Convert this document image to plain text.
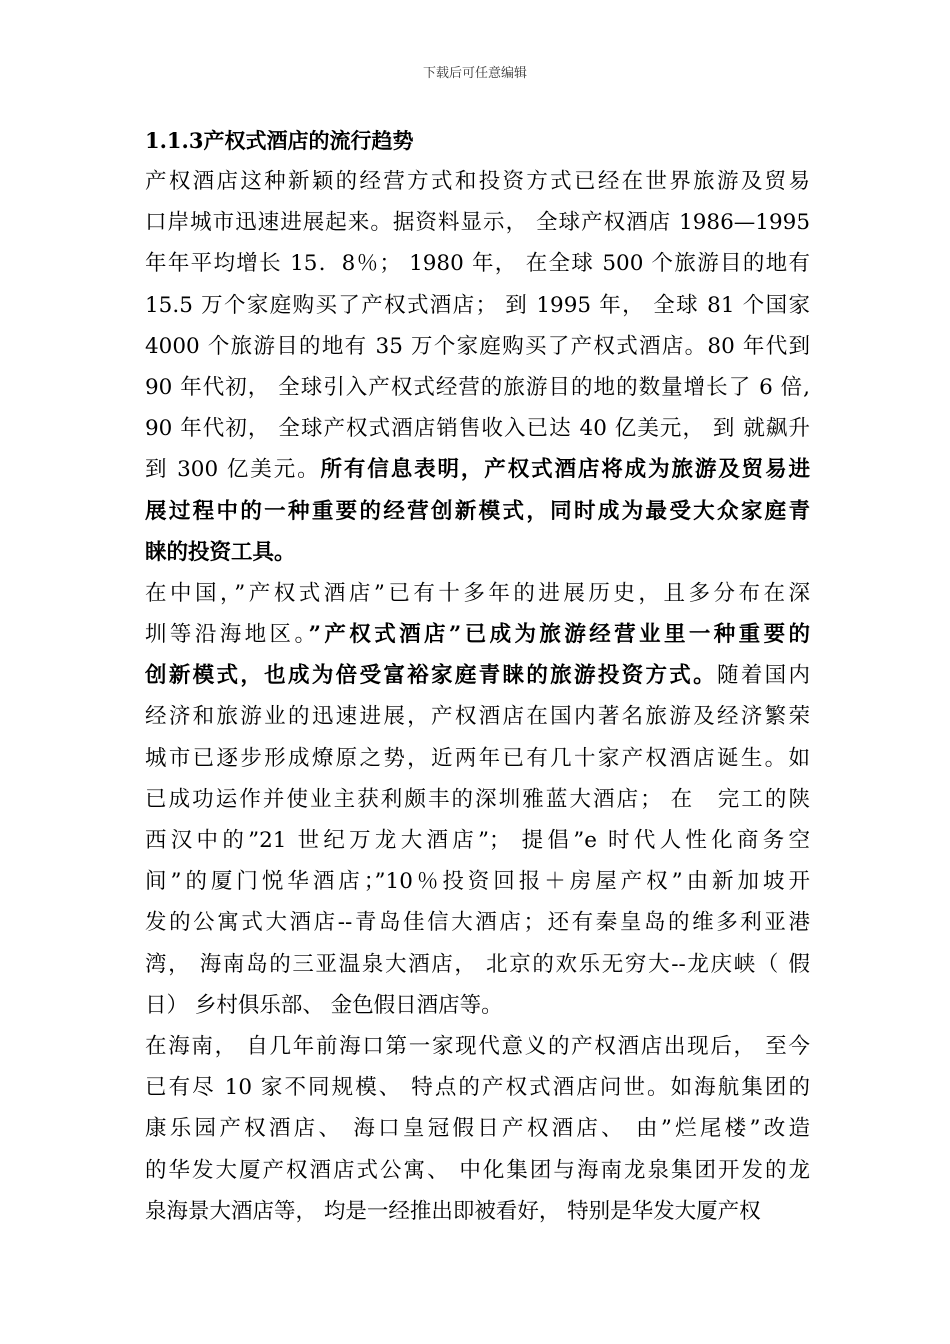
下载后可任意编辑
1.1.3产权式酒店的流行趋势

产权酒店这种新颖的经营方式和投资方式已经在世界旅游及贸易
口岸城市迅速进展起来。据资料显示， 全球产权酒店 1986—1995
年年平均增长 15．8％； 1980 年， 在全球 500 个旅游目的地有
15.5 万个家庭购买了产权式酒店； 到 1995 年， 全球 81 个国家
4000 个旅游目的地有 35 万个家庭购买了产权式酒店。80 年代到
90 年代初， 全球引入产权式经营的旅游目的地的数量增长了 6 倍,
90 年代初， 全球产权式酒店销售收入已达 40 亿美元， 到 就飙升
到 300 亿美元。所有信息表明，产权式酒店将成为旅游及贸易进
展过程中的一种重要的经营创新模式，同时成为最受大众家庭青
睐的投资工具。

在中国，”产权式酒店”已有十多年的进展历史，且多分布在深
圳等沿海地区。”产权式酒店”已成为旅游经营业里一种重要的
创新模式，也成为倍受富裕家庭青睐的旅游投资方式。随着国内
经济和旅游业的迅速进展，产权酒店在国内著名旅游及经济繁荣
城市已逐步形成燎原之势，近两年已有几十家产权酒店诞生。如
已成功运作并使业主获利颇丰的深圳雅蓝大酒店； 在　完工的陕
西汉中的”21 世纪万龙大酒店”； 提倡”e 时代人性化商务空
间”的厦门悦华酒店；”10％投资回报＋房屋产权”由新加坡开
发的公寓式大酒店--青岛佳信大酒店；还有秦皇岛的维多利亚港
湾， 海南岛的三亚温泉大酒店， 北京的欢乐无穷大--龙庆峡（ 假
日） 乡村俱乐部、 金色假日酒店等。

在海南， 自几年前海口第一家现代意义的产权酒店出现后， 至今
已有尽 10 家不同规模、 特点的产权式酒店问世。如海航集团的
康乐园产权酒店、 海口皇冠假日产权酒店、 由”烂尾楼”改造
的华发大厦产权酒店式公寓、 中化集团与海南龙泉集团开发的龙
泉海景大酒店等， 均是一经推出即被看好， 特别是华发大厦产权
